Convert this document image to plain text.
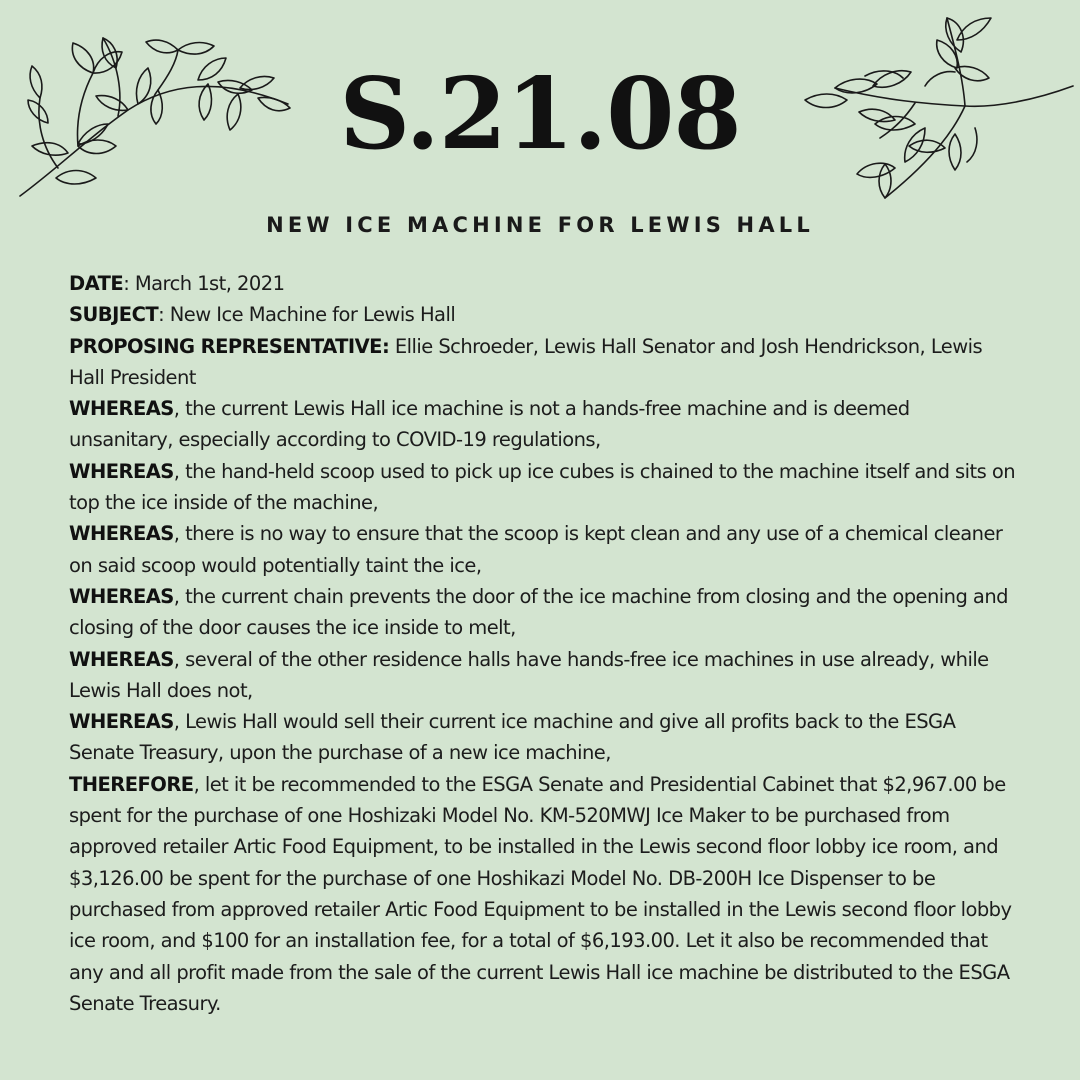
S.21.08
NEW ICE MACHINE FOR LEWIS HALL

DATE: March 1st, 2021

SUBJECT: New Ice Machine for Lewis Hall

PROPOSING REPRESENTATIVE: Ellie Schroeder, Lewis Hall Senator and Josh Hendrickson, Lewis Hall President

WHEREAS, the current Lewis Hall ice machine is not a hands-free machine and is deemed unsanitary, especially according to COVID-19 regulations,

WHEREAS, the hand-held scoop used to pick up ice cubes is chained to the machine itself and sits on top the ice inside of the machine,

WHEREAS, there is no way to ensure that the scoop is kept clean and any use of a chemical cleaner on said scoop would potentially taint the ice,

WHEREAS, the current chain prevents the door of the ice machine from closing and the opening and closing of the door causes the ice inside to melt,

WHEREAS, several of the other residence halls have hands-free ice machines in use already, while Lewis Hall does not,

WHEREAS, Lewis Hall would sell their current ice machine and give all profits back to the ESGA Senate Treasury, upon the purchase of a new ice machine,

THEREFORE, let it be recommended to the ESGA Senate and Presidential Cabinet that $2,967.00 be spent for the purchase of one Hoshizaki Model No. KM-520MWJ Ice Maker to be purchased from approved retailer Artic Food Equipment, to be installed in the Lewis second floor lobby ice room, and $3,126.00 be spent for the purchase of one Hoshikazi Model No. DB-200H Ice Dispenser to be purchased from approved retailer Artic Food Equipment to be installed in the Lewis second floor lobby ice room, and $100 for an installation fee, for a total of $6,193.00. Let it also be recommended that any and all profit made from the sale of the current Lewis Hall ice machine be distributed to the ESGA Senate Treasury.
